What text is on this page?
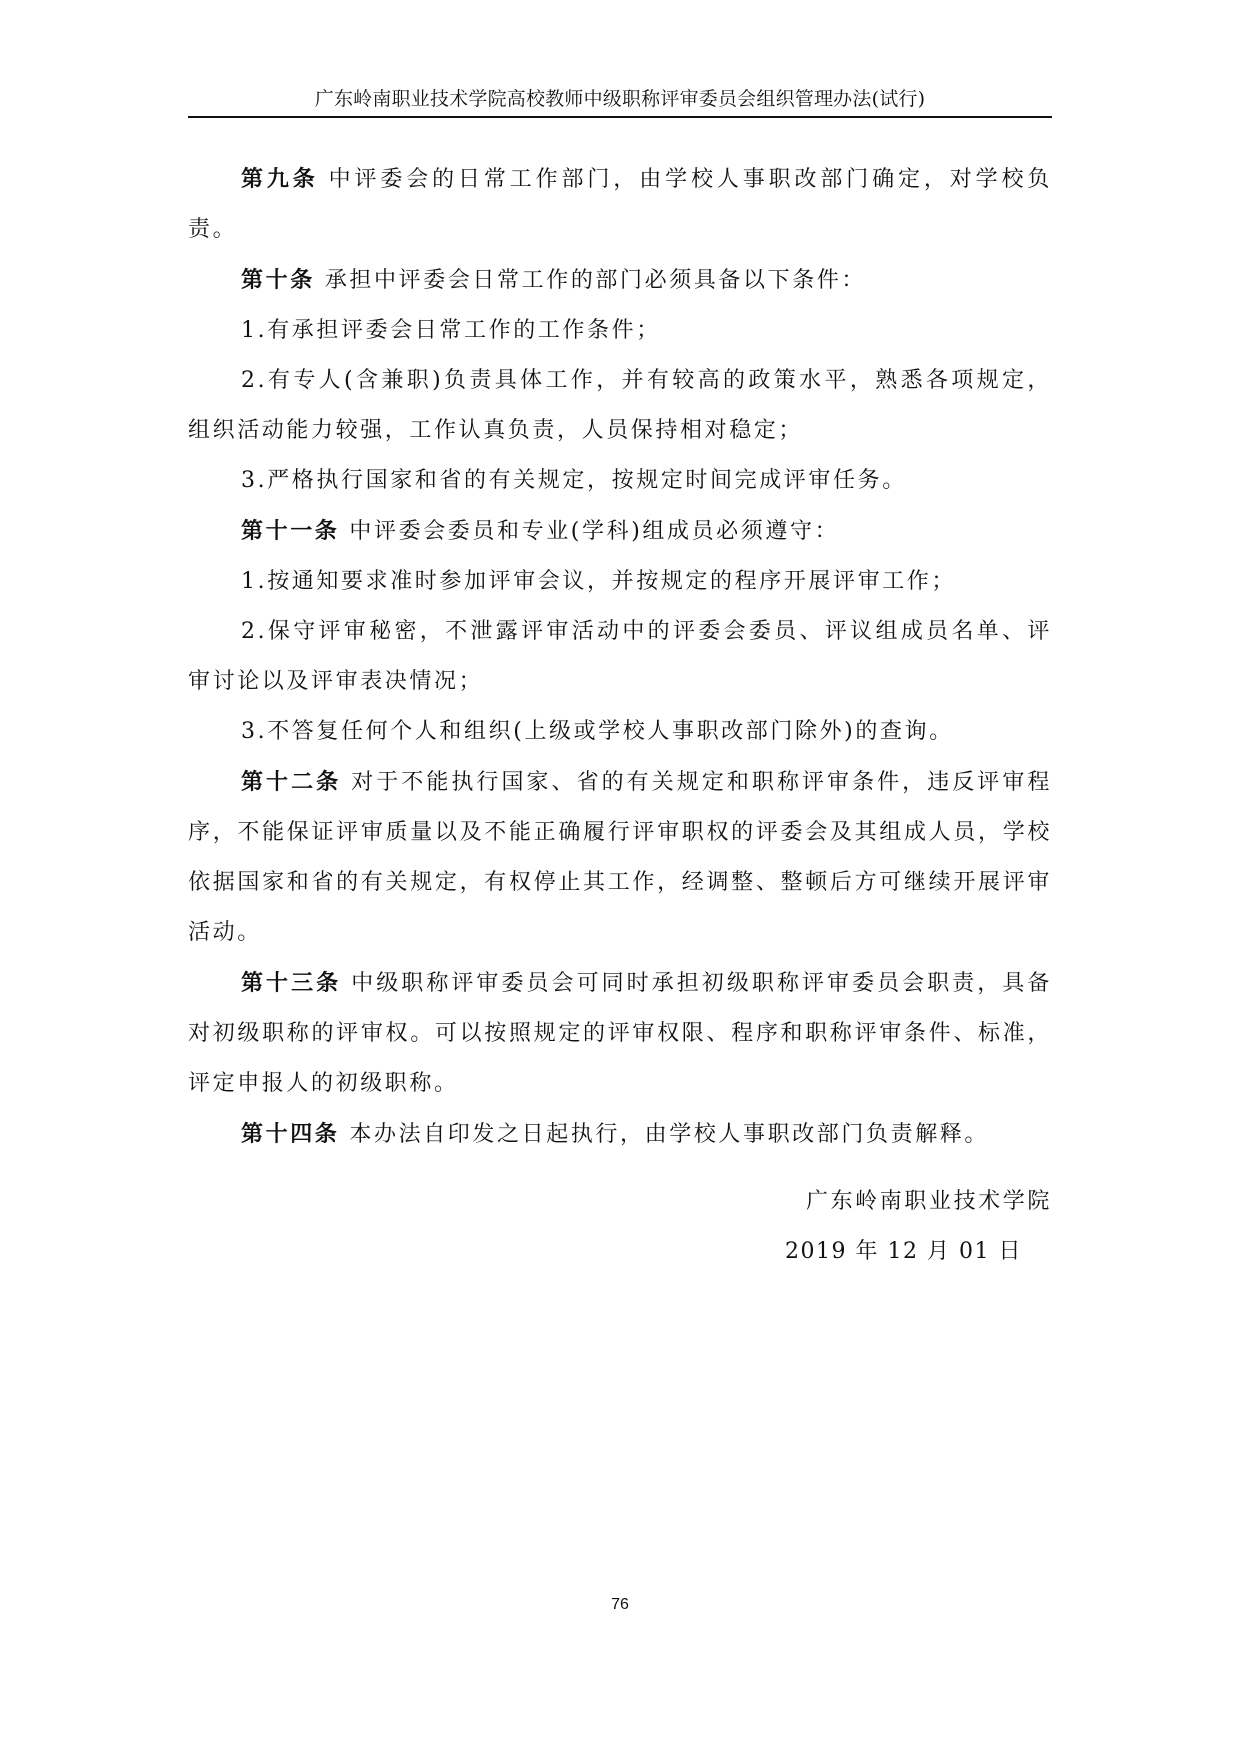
广东岭南职业技术学院高校教师中级职称评审委员会组织管理办法(试行)

第九条 中评委会的日常工作部门，由学校人事职改部门确定，对学校负责。

第十条 承担中评委会日常工作的部门必须具备以下条件：

1.有承担评委会日常工作的工作条件；

2.有专人(含兼职)负责具体工作，并有较高的政策水平，熟悉各项规定，组织活动能力较强，工作认真负责，人员保持相对稳定；

3.严格执行国家和省的有关规定，按规定时间完成评审任务。

第十一条 中评委会委员和专业(学科)组成员必须遵守：

1.按通知要求准时参加评审会议，并按规定的程序开展评审工作；

2.保守评审秘密，不泄露评审活动中的评委会委员、评议组成员名单、评审讨论以及评审表决情况；

3.不答复任何个人和组织(上级或学校人事职改部门除外)的查询。

第十二条 对于不能执行国家、省的有关规定和职称评审条件，违反评审程序，不能保证评审质量以及不能正确履行评审职权的评委会及其组成人员，学校依据国家和省的有关规定，有权停止其工作，经调整、整顿后方可继续开展评审活动。

第十三条 中级职称评审委员会可同时承担初级职称评审委员会职责，具备对初级职称的评审权。可以按照规定的评审权限、程序和职称评审条件、标准，评定申报人的初级职称。

第十四条 本办法自印发之日起执行，由学校人事职改部门负责解释。

广东岭南职业技术学院
2019 年 12 月 01 日
76
